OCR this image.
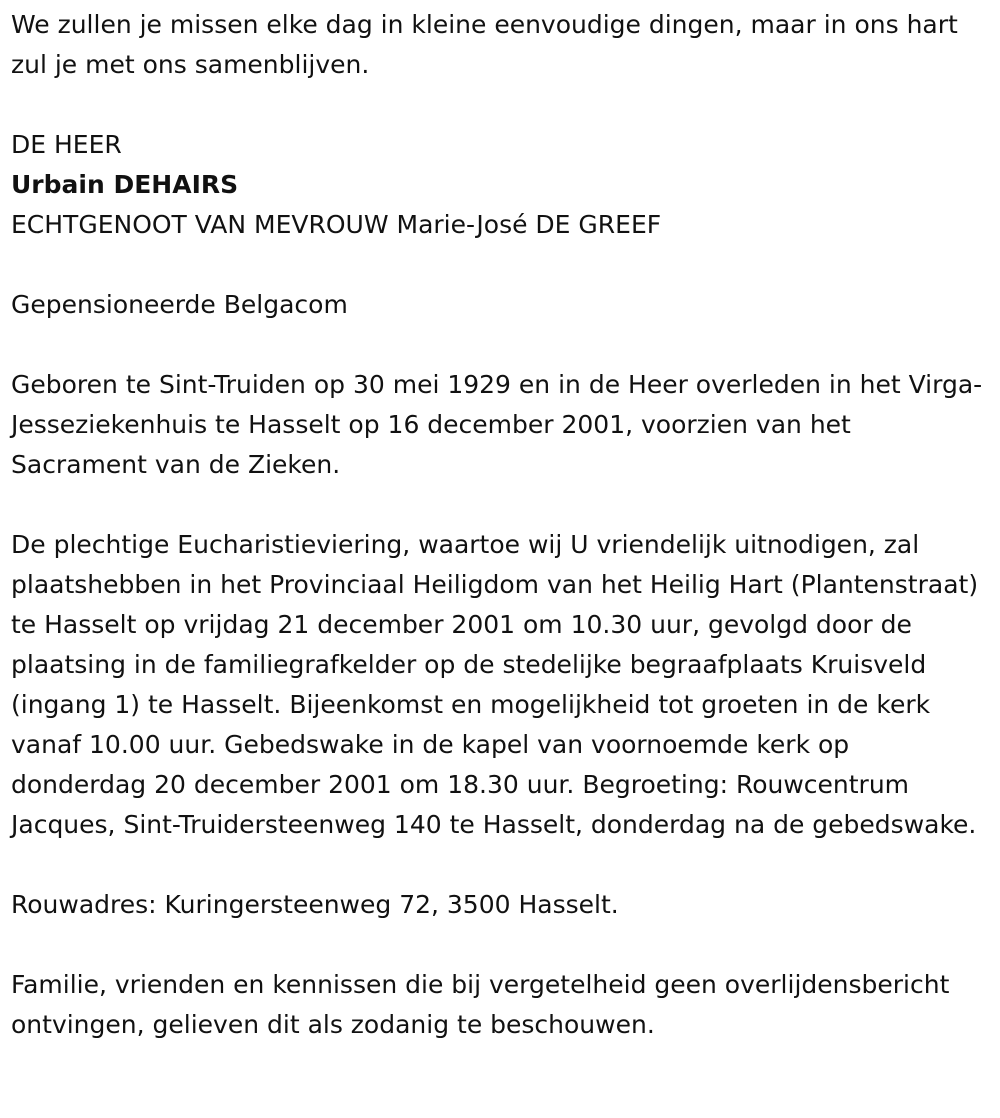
We zullen je missen elke dag in kleine eenvoudige dingen, maar in ons hart zul je met ons samenblijven.

DE HEER
Urbain DEHAIRS
ECHTGENOOT VAN MEVROUW Marie-José DE GREEF

Gepensioneerde Belgacom

Geboren te Sint-Truiden op 30 mei 1929 en in de Heer overleden in het Virga-Jesseziekenhuis te Hasselt op 16 december 2001, voorzien van het Sacrament van de Zieken.

De plechtige Eucharistieviering, waartoe wij U vriendelijk uitnodigen, zal plaatshebben in het Provinciaal Heiligdom van het Heilig Hart (Plantenstraat) te Hasselt op vrijdag 21 december 2001 om 10.30 uur, gevolgd door de plaatsing in de familiegrafkelder op de stedelijke begraafplaats Kruisveld (ingang 1) te Hasselt. Bijeenkomst en mogelijkheid tot groeten in de kerk vanaf 10.00 uur. Gebedswake in de kapel van voornoemde kerk op donderdag 20 december 2001 om 18.30 uur. Begroeting: Rouwcentrum Jacques, Sint-Truidersteenweg 140 te Hasselt, donderdag na de gebedswake.

Rouwadres: Kuringersteenweg 72, 3500 Hasselt.

Familie, vrienden en kennissen die bij vergetelheid geen overlijdensbericht ontvingen, gelieven dit als zodanig te beschouwen.
